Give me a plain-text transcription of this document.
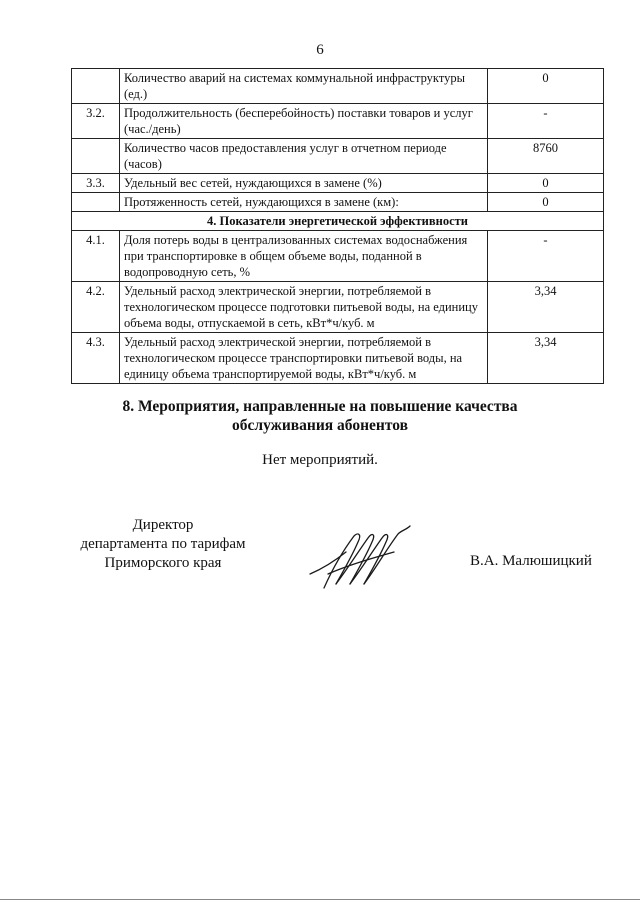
6
	Количество аварий на системах коммунальной инфраструктуры (ед.)	0
3.2.	Продолжительность (бесперебойность) поставки товаров и услуг (час./день)	-
	Количество часов предоставления услуг в отчетном периоде (часов)	8760
3.3.	Удельный вес сетей, нуждающихся в замене (%)	0
	Протяженность сетей, нуждающихся в замене (км):	0
4. Показатели энергетической эффективности		
4.1.	Доля потерь воды в централизованных системах водоснабжения при транспортировке в общем объеме воды, поданной в водопроводную сеть, %	-
4.2.	Удельный расход электрической энергии, потребляемой в технологическом процессе подготовки питьевой воды, на единицу объема воды, отпускаемой в сеть, кВт*ч/куб. м	3,34
4.3.	Удельный расход электрической энергии, потребляемой в технологическом процессе транспортировки питьевой воды, на единицу объема транспортируемой воды, кВт*ч/куб. м	3,34
8. Мероприятия, направленные на повышение качества
обслуживания абонентов
Нет мероприятий.
Директор
департамента по тарифам
Приморского края	В.А. Малюшицкий
